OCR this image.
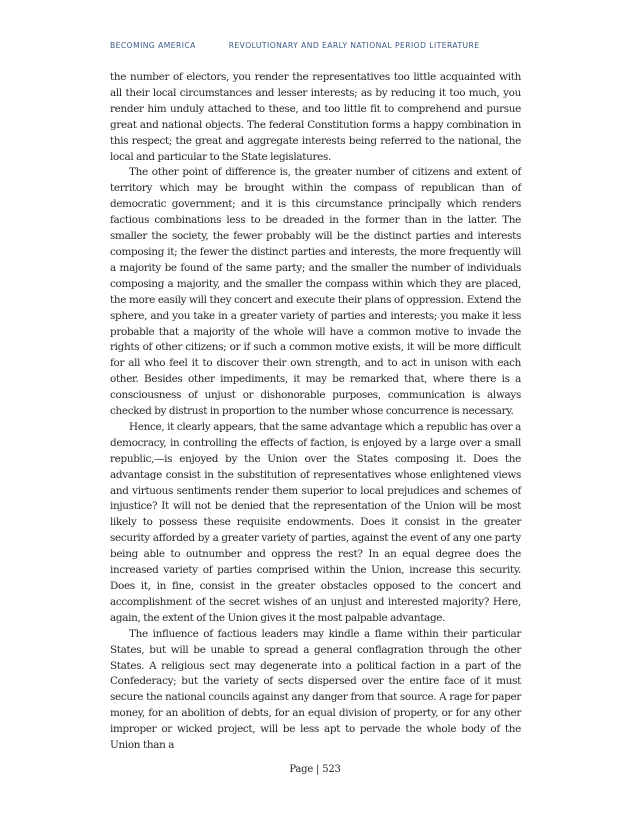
BECOMING AMERICA	REVOLUTIONARY AND EARLY NATIONAL PERIOD LITERATURE

the number of electors, you render the representatives too little acquainted with all their local circumstances and lesser interests; as by reducing it too much, you render him unduly attached to these, and too little fit to comprehend and pursue great and national objects. The federal Constitution forms a happy combination in this respect; the great and aggregate interests being referred to the national, the local and particular to the State legislatures.

The other point of difference is, the greater number of citizens and extent of territory which may be brought within the compass of republican than of democratic government; and it is this circumstance principally which renders factious combinations less to be dreaded in the former than in the latter. The smaller the society, the fewer probably will be the distinct parties and interests composing it; the fewer the distinct parties and interests, the more frequently will a majority be found of the same party; and the smaller the number of individuals composing a majority, and the smaller the compass within which they are placed, the more easily will they concert and execute their plans of oppression. Extend the sphere, and you take in a greater variety of parties and interests; you make it less probable that a majority of the whole will have a common motive to invade the rights of other citizens; or if such a common motive exists, it will be more difficult for all who feel it to discover their own strength, and to act in unison with each other. Besides other impediments, it may be remarked that, where there is a consciousness of unjust or dishonorable purposes, communication is always checked by distrust in proportion to the number whose concurrence is necessary.

Hence, it clearly appears, that the same advantage which a republic has over a democracy, in controlling the effects of faction, is enjoyed by a large over a small republic,—is enjoyed by the Union over the States composing it. Does the advantage consist in the substitution of representatives whose enlightened views and virtuous sentiments render them superior to local prejudices and schemes of injustice? It will not be denied that the representation of the Union will be most likely to possess these requisite endowments. Does it consist in the greater security afforded by a greater variety of parties, against the event of any one party being able to outnumber and oppress the rest? In an equal degree does the increased variety of parties comprised within the Union, increase this security. Does it, in fine, consist in the greater obstacles opposed to the concert and accomplishment of the secret wishes of an unjust and interested majority? Here, again, the extent of the Union gives it the most palpable advantage.

The influence of factious leaders may kindle a flame within their particular States, but will be unable to spread a general conflagration through the other States. A religious sect may degenerate into a political faction in a part of the Confederacy; but the variety of sects dispersed over the entire face of it must secure the national councils against any danger from that source. A rage for paper money, for an abolition of debts, for an equal division of property, or for any other improper or wicked project, will be less apt to pervade the whole body of the Union than a

Page | 523
